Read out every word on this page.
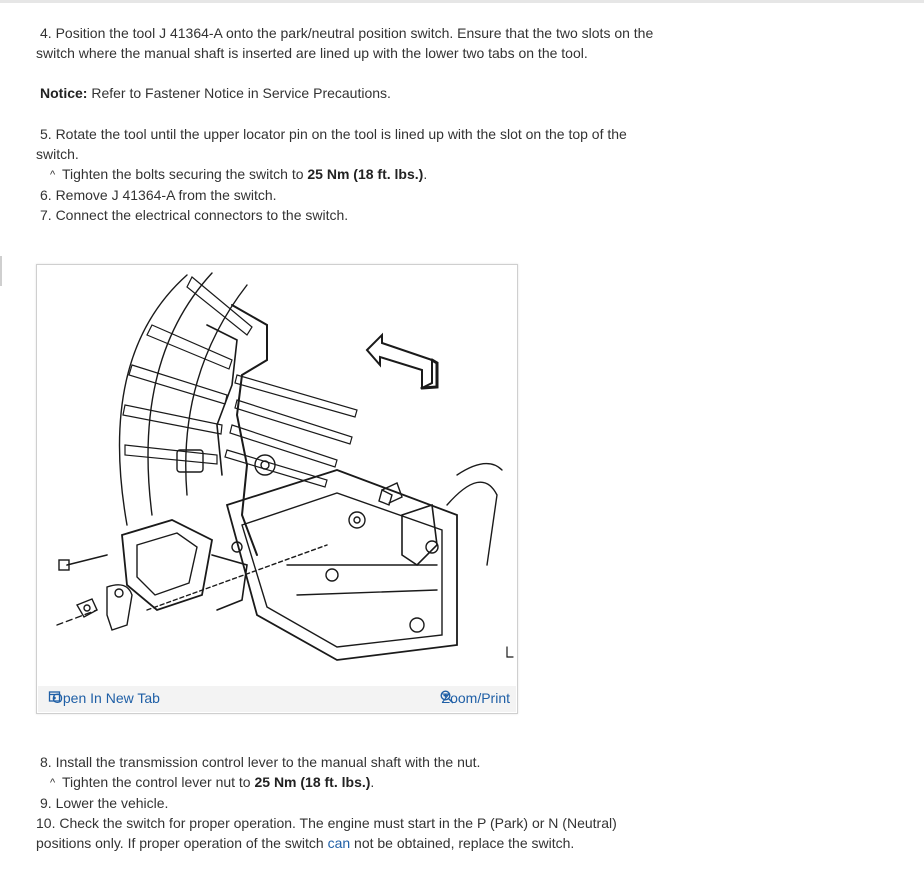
4. Position the tool J 41364-A onto the park/neutral position switch. Ensure that the two slots on the
switch where the manual shaft is inserted are lined up with the lower two tabs on the tool.
Notice: Refer to Fastener Notice in Service Precautions.
5. Rotate the tool until the upper locator pin on the tool is lined up with the slot on the top of the
switch.
^ Tighten the bolts securing the switch to 25 Nm (18 ft. lbs.).
6. Remove J 41364-A from the switch.
7. Connect the electrical connectors to the switch.
Open In New Tab	Zoom/Print
8. Install the transmission control lever to the manual shaft with the nut.
^ Tighten the control lever nut to 25 Nm (18 ft. lbs.).
9. Lower the vehicle.
10. Check the switch for proper operation. The engine must start in the P (Park) or N (Neutral)
positions only. If proper operation of the switch can not be obtained, replace the switch.
